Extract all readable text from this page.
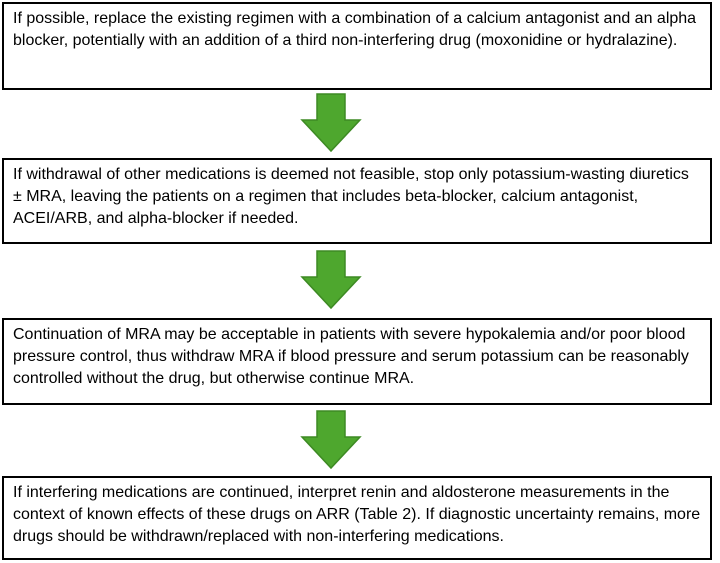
If possible, replace the existing regimen with a combination of a calcium antagonist and an alpha blocker, potentially with an addition of a third non-interfering drug (moxonidine or hydralazine).
If withdrawal of other medications is deemed not feasible, stop only potassium-wasting diuretics ± MRA, leaving the patients on a regimen that includes beta-blocker, calcium antagonist, ACEI/ARB, and alpha-blocker if needed.
Continuation of MRA may be acceptable in patients with severe hypokalemia and/or poor blood pressure control, thus withdraw MRA if blood pressure and serum potassium can be reasonably controlled without the drug, but otherwise continue MRA.
If interfering medications are continued, interpret renin and aldosterone measurements in the context of known effects of these drugs on ARR (Table 2). If diagnostic uncertainty remains, more drugs should be withdrawn/replaced with non-interfering medications.
